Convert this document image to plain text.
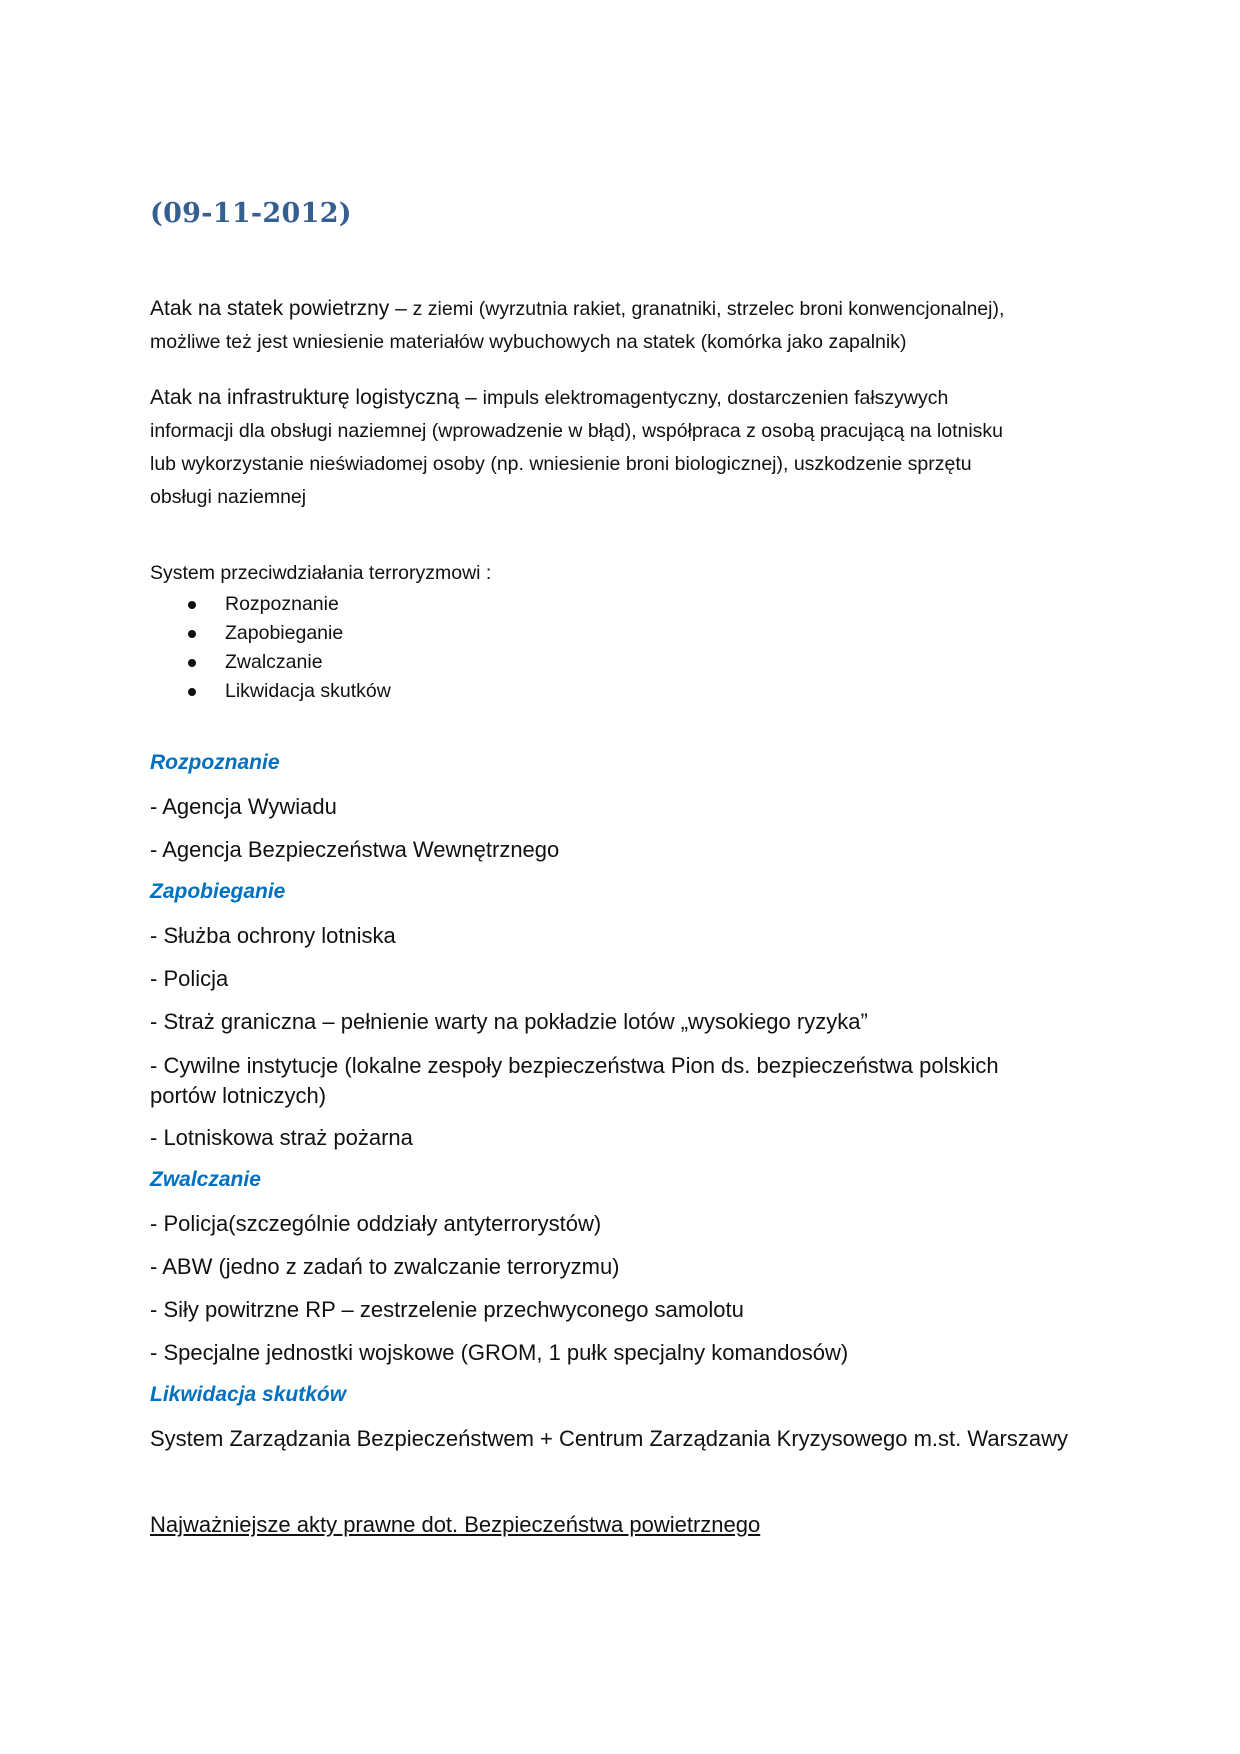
(09-11-2012)
Atak na statek powietrzny – z ziemi (wyrzutnia rakiet, granatniki, strzelec broni konwencjonalnej),
możliwe też jest wniesienie materiałów wybuchowych na statek (komórka jako zapalnik)
Atak na infrastrukturę logistyczną – impuls elektromagentyczny, dostarczenien fałszywych
informacji dla obsługi naziemnej (wprowadzenie w błąd), współpraca z osobą pracującą na lotnisku
lub wykorzystanie nieświadomej osoby (np. wniesienie broni biologicznej), uszkodzenie sprzętu
obsługi naziemnej
System przeciwdziałania terroryzmowi :
Rozpoznanie
Zapobieganie
Zwalczanie
Likwidacja skutków
Rozpoznanie
- Agencja Wywiadu
- Agencja Bezpieczeństwa Wewnętrznego
Zapobieganie
- Służba ochrony lotniska
- Policja
- Straż graniczna – pełnienie warty na pokładzie lotów „wysokiego ryzyka”
- Cywilne instytucje (lokalne zespoły bezpieczeństwa Pion ds. bezpieczeństwa polskich
portów lotniczych)
- Lotniskowa straż pożarna
Zwalczanie
- Policja(szczególnie oddziały antyterrorystów)
- ABW (jedno z zadań to zwalczanie terroryzmu)
- Siły powitrzne RP – zestrzelenie przechwyconego samolotu
- Specjalne jednostki wojskowe (GROM, 1 pułk specjalny komandosów)
Likwidacja skutków
System Zarządzania Bezpieczeństwem + Centrum Zarządzania Kryzysowego m.st. Warszawy
Najważniejsze akty prawne dot. Bezpieczeństwa powietrznego
